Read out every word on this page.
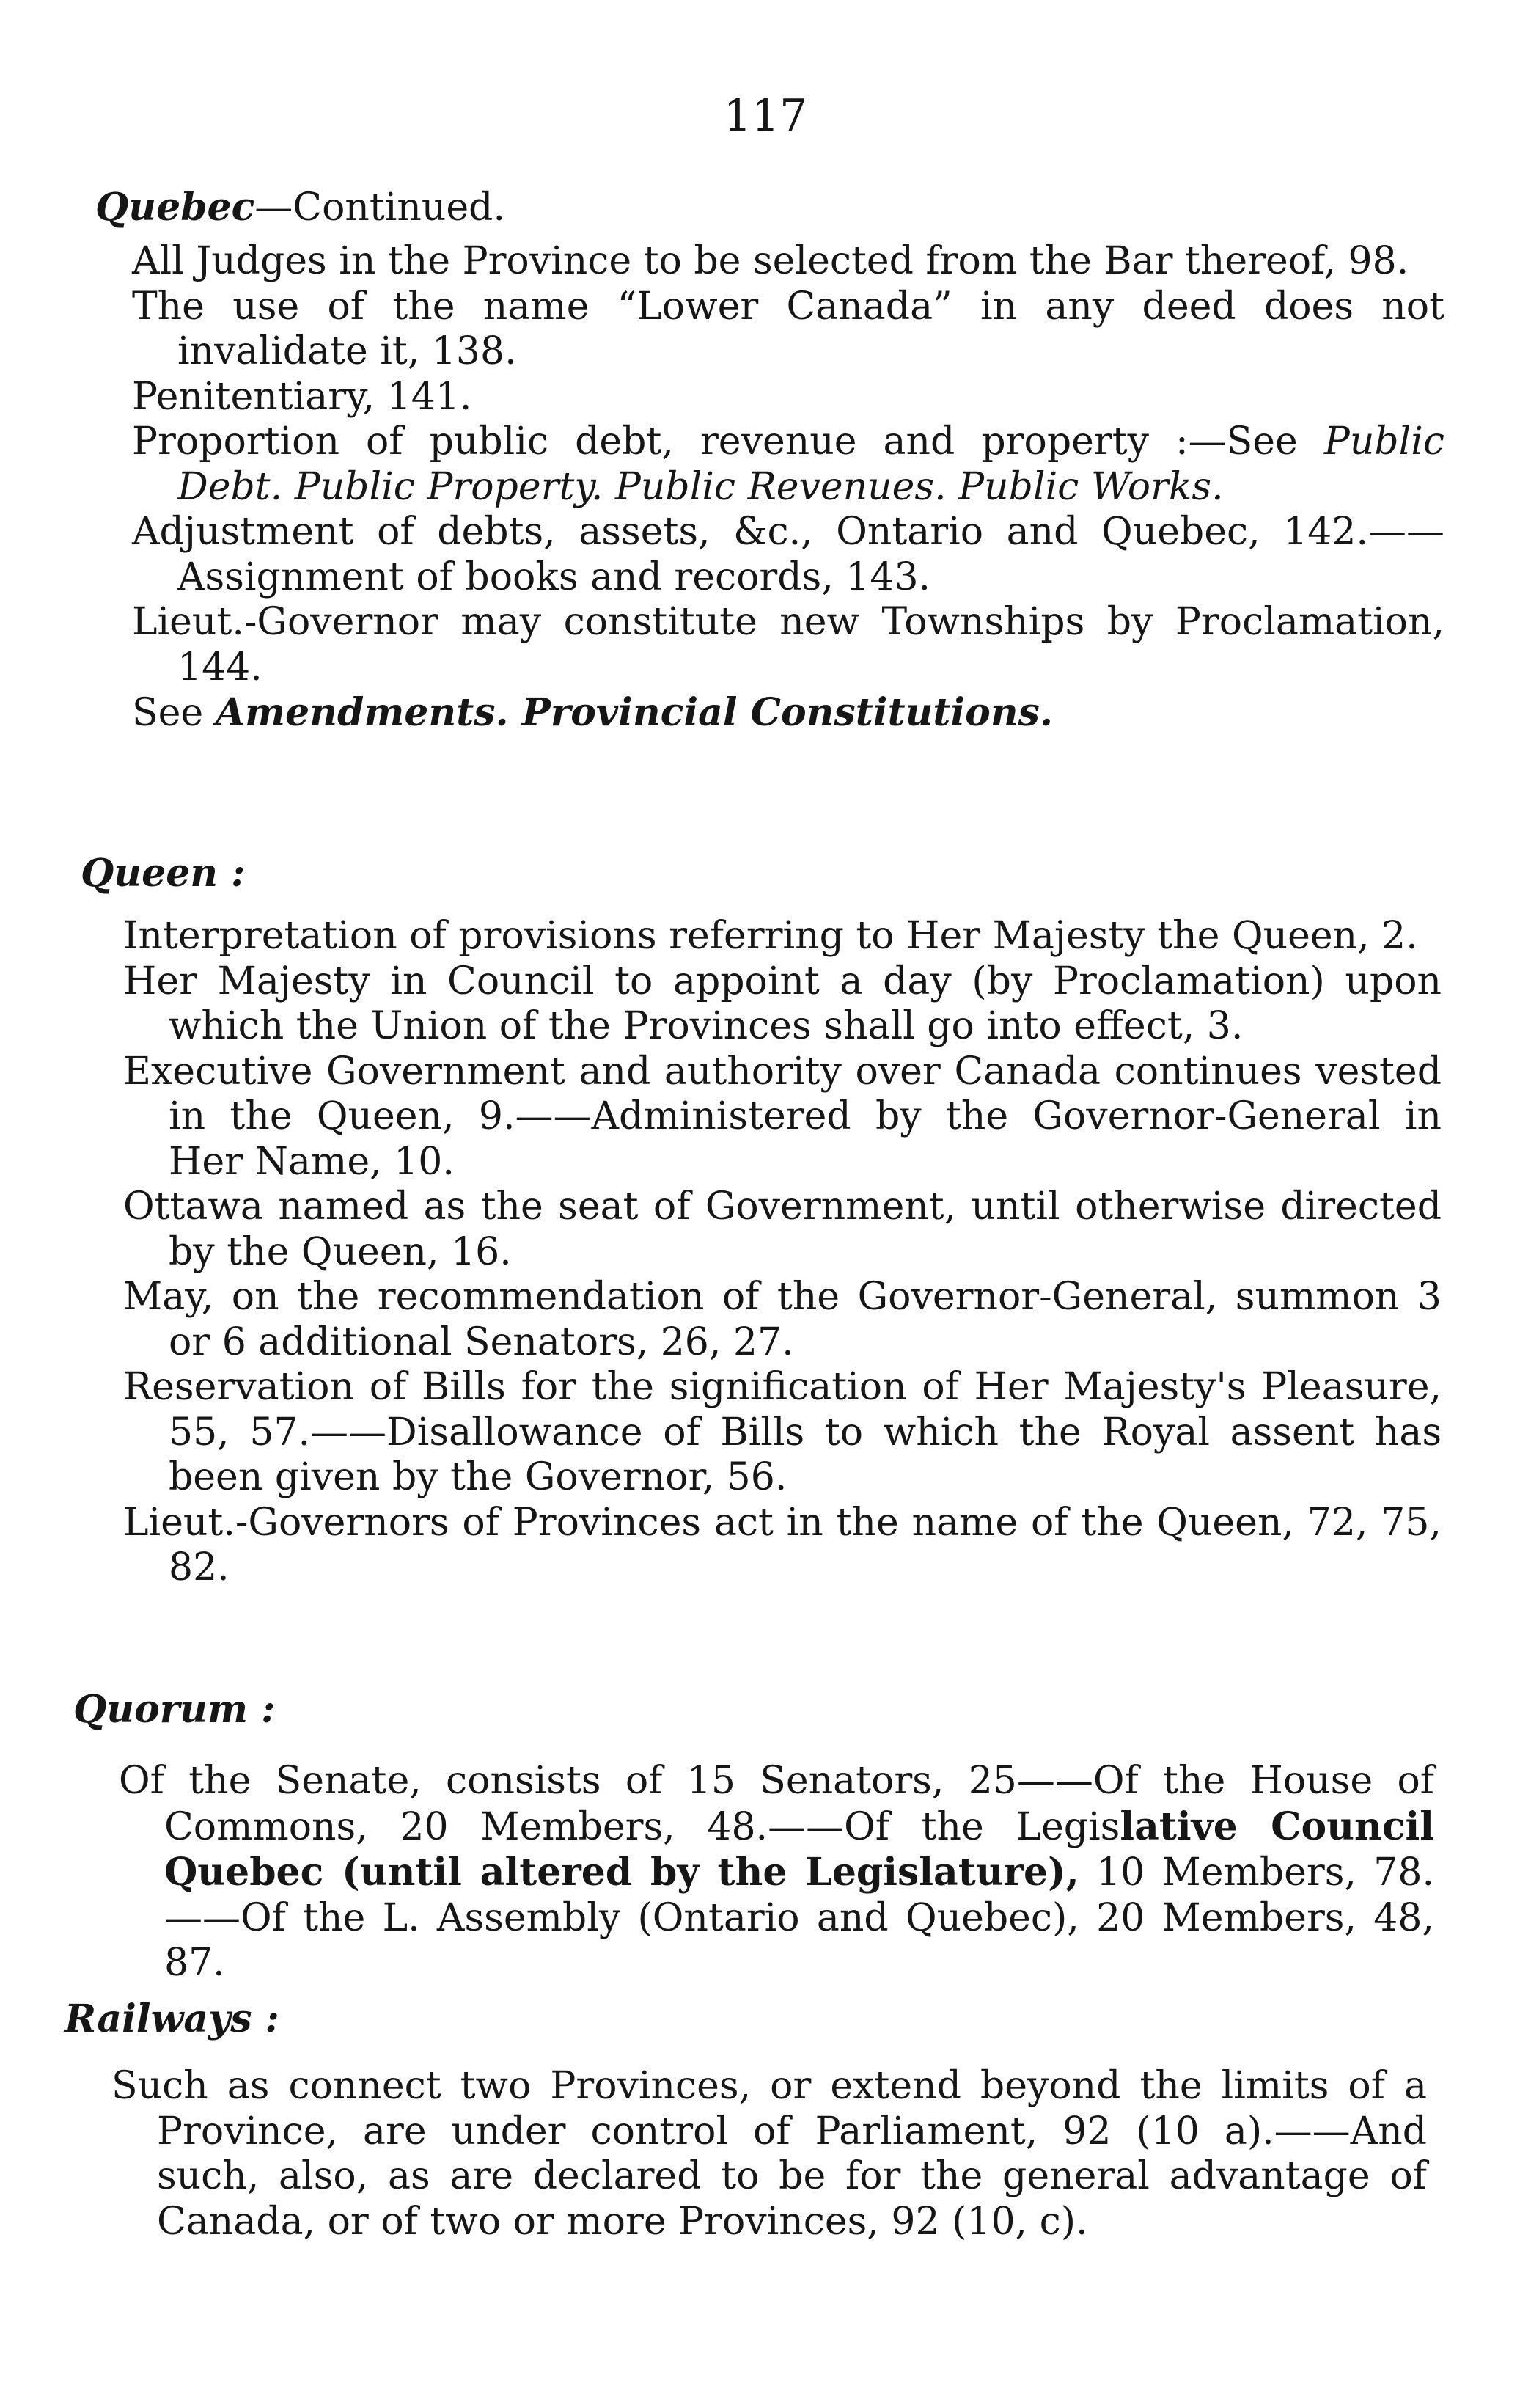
117

Quebec—Continued.

All Judges in the Province to be selected from the Bar thereof, 98.
The use of the name “Lower Canada” in any deed does not invalidate it, 138.
Penitentiary, 141.
Proportion of public debt, revenue and property :—See Public Debt. Public Property. Public Revenues. Public Works.
Adjustment of debts, assets, &c., Ontario and Quebec, 142.——Assignment of books and records, 143.
Lieut.-Governor may constitute new Townships by Proclamation, 144.
See Amendments. Provincial Constitutions.

Queen :

Interpretation of provisions referring to Her Majesty the Queen, 2.
Her Majesty in Council to appoint a day (by Proclamation) upon which the Union of the Provinces shall go into effect, 3.
Executive Government and authority over Canada continues vested in the Queen, 9.——Administered by the Governor-General in Her Name, 10.
Ottawa named as the seat of Government, until otherwise directed by the Queen, 16.
May, on the recommendation of the Governor-General, summon 3 or 6 additional Senators, 26, 27.
Reservation of Bills for the signification of Her Majesty's Pleasure, 55, 57.——Disallowance of Bills to which the Royal assent has been given by the Governor, 56.
Lieut.-Governors of Provinces act in the name of the Queen, 72, 75, 82.

Quorum :

Of the Senate, consists of 15 Senators, 25——Of the House of Commons, 20 Members, 48.——Of the Legislative Council Quebec (until altered by the Legislature), 10 Members, 78.——Of the L. Assembly (Ontario and Quebec), 20 Members, 48, 87.

Railways :

Such as connect two Provinces, or extend beyond the limits of a Province, are under control of Parliament, 92 (10 a).——And such, also, as are declared to be for the general advantage of Canada, or of two or more Provinces, 92 (10, c).
